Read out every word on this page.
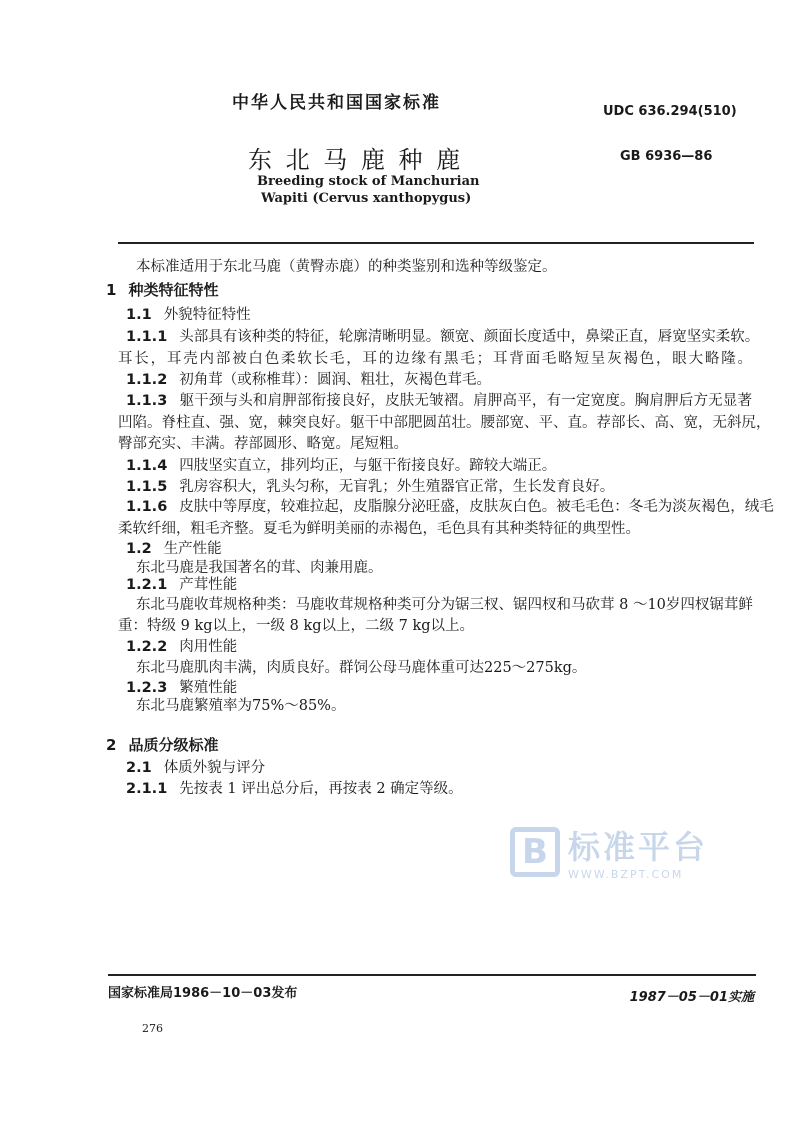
中华人民共和国国家标准	UDC 636.294(510)
东 北 马 鹿 种 鹿	GB 6936—86
Breeding stock of Manchurian
Wapiti (Cervus xanthopygus)
本标准适用于东北马鹿（黄臀赤鹿）的种类鉴别和选种等级鉴定。
1 种类特征特性
1.1 外貌特征特性
1.1.1 头部具有该种类的特征，轮廓清晰明显。额宽、颜面长度适中，鼻梁正直，唇宽坚实柔软。
耳长，耳壳内部被白色柔软长毛，耳的边缘有黑毛；耳背面毛略短呈灰褐色，眼大略隆。
1.1.2 初角茸（或称椎茸）：圆润、粗壮，灰褐色茸毛。
1.1.3 躯干颈与头和肩胛部衔接良好，皮肤无皱褶。肩胛高平，有一定宽度。胸肩胛后方无显著
凹陷。脊柱直、强、宽，棘突良好。躯干中部肥圆茁壮。腰部宽、平、直。荐部长、高、宽，无斜尻，
臀部充实、丰满。荐部圆形、略宽。尾短粗。
1.1.4 四肢坚实直立，排列均正，与躯干衔接良好。蹄较大端正。
1.1.5 乳房容积大，乳头匀称，无盲乳；外生殖器官正常，生长发育良好。
1.1.6 皮肤中等厚度，较难拉起，皮脂腺分泌旺盛，皮肤灰白色。被毛毛色：冬毛为淡灰褐色，绒毛
柔软纤细，粗毛齐整。夏毛为鲜明美丽的赤褐色，毛色具有其种类特征的典型性。
1.2 生产性能
东北马鹿是我国著名的茸、肉兼用鹿。
1.2.1 产茸性能
东北马鹿收茸规格种类：马鹿收茸规格种类可分为锯三杈、锯四杈和马砍茸 8 ～10岁四杈锯茸鲜
重：特级 9 kg以上，一级 8 kg以上，二级 7 kg以上。
1.2.2 肉用性能
东北马鹿肌肉丰满，肉质良好。群饲公母马鹿体重可达225～275kg。
1.2.3 繁殖性能
东北马鹿繁殖率为75%～85%。
2 品质分级标准
2.1 体质外貌与评分
2.1.1 先按表 1 评出总分后，再按表 2 确定等级。
B 标准平台
WWW.BZPT.COM
国家标准局1986－10－03发布	1987－05－01实施
276
